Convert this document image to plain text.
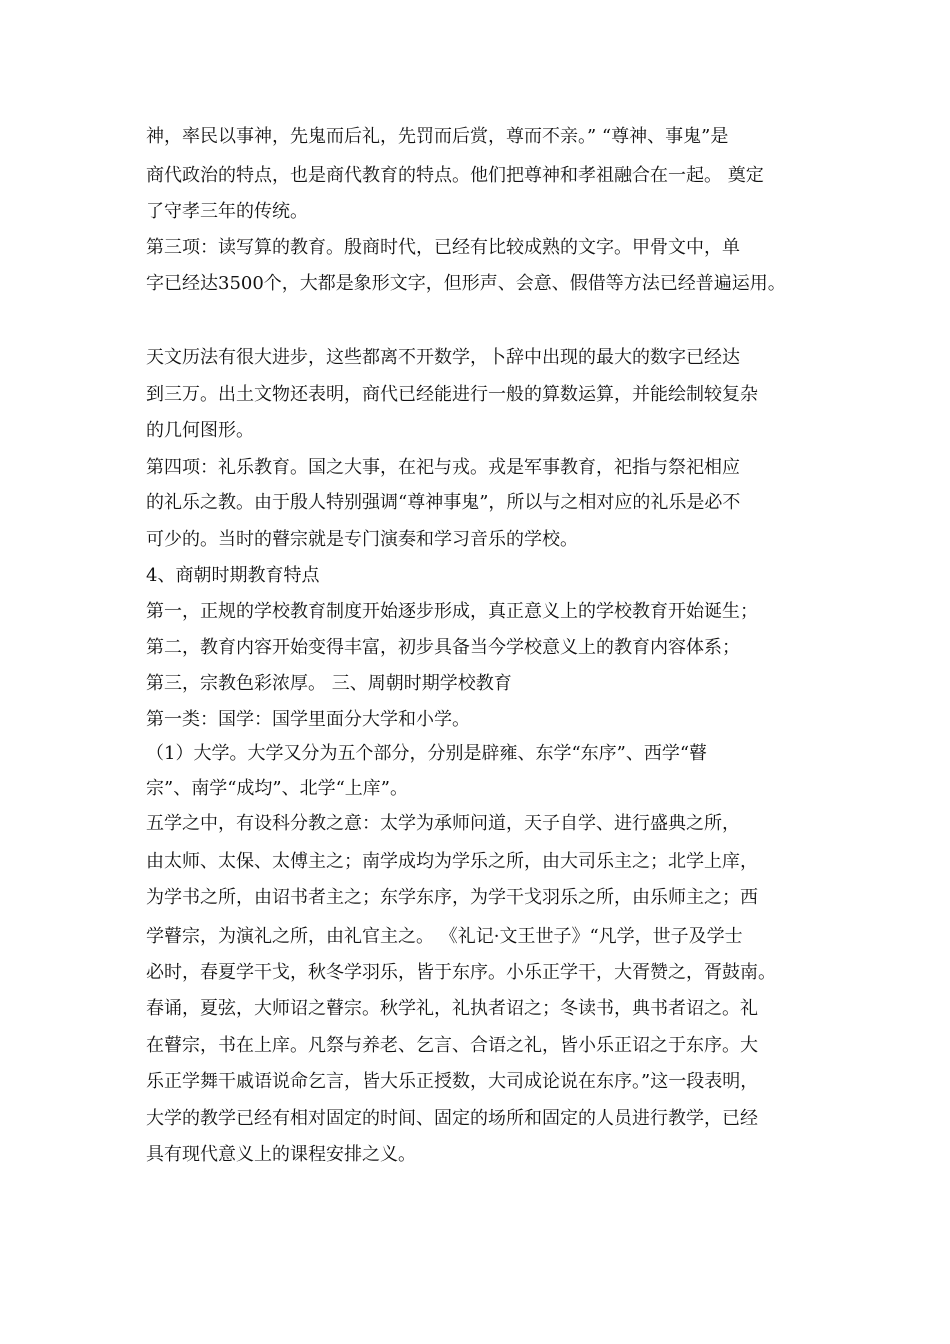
神，率民以事神，先鬼而后礼，先罚而后赏，尊而不亲。” “尊神、事鬼”是
商代政治的特点，也是商代教育的特点。他们把尊神和孝祖融合在一起。 奠定
了守孝三年的传统。
第三项：读写算的教育。殷商时代，已经有比较成熟的文字。甲骨文中，单
字已经达3500个，大都是象形文字，但形声、会意、假借等方法已经普遍运用。
天文历法有很大进步，这些都离不开数学，卜辞中出现的最大的数字已经达
到三万。出土文物还表明，商代已经能进行一般的算数运算，并能绘制较复杂
的几何图形。
第四项：礼乐教育。国之大事，在祀与戎。戎是军事教育，祀指与祭祀相应
的礼乐之教。由于殷人特别强调“尊神事鬼”，所以与之相对应的礼乐是必不
可少的。当时的瞽宗就是专门演奏和学习音乐的学校。
4、商朝时期教育特点
第一，正规的学校教育制度开始逐步形成，真正意义上的学校教育开始诞生；
第二，教育内容开始变得丰富，初步具备当今学校意义上的教育内容体系；
第三，宗教色彩浓厚。 三、周朝时期学校教育
第一类：国学：国学里面分大学和小学。
（1）大学。大学又分为五个部分，分别是辟雍、东学“东序”、西学“瞽
宗”、南学“成均”、北学“上庠”。
五学之中，有设科分教之意：太学为承师问道，天子自学、进行盛典之所，
由太师、太保、太傅主之；南学成均为学乐之所，由大司乐主之；北学上庠，
为学书之所，由诏书者主之；东学东序，为学干戈羽乐之所，由乐师主之；西
学瞽宗，为演礼之所，由礼官主之。 《礼记·文王世子》“凡学，世子及学士
必时，春夏学干戈，秋冬学羽乐，皆于东序。小乐正学干，大胥赞之，胥鼓南。
春诵，夏弦，大师诏之瞽宗。秋学礼，礼执者诏之；冬读书，典书者诏之。礼
在瞽宗，书在上庠。凡祭与养老、乞言、合语之礼，皆小乐正诏之于东序。大
乐正学舞干戚语说命乞言，皆大乐正授数，大司成论说在东序。”这一段表明，
大学的教学已经有相对固定的时间、固定的场所和固定的人员进行教学，已经
具有现代意义上的课程安排之义。
